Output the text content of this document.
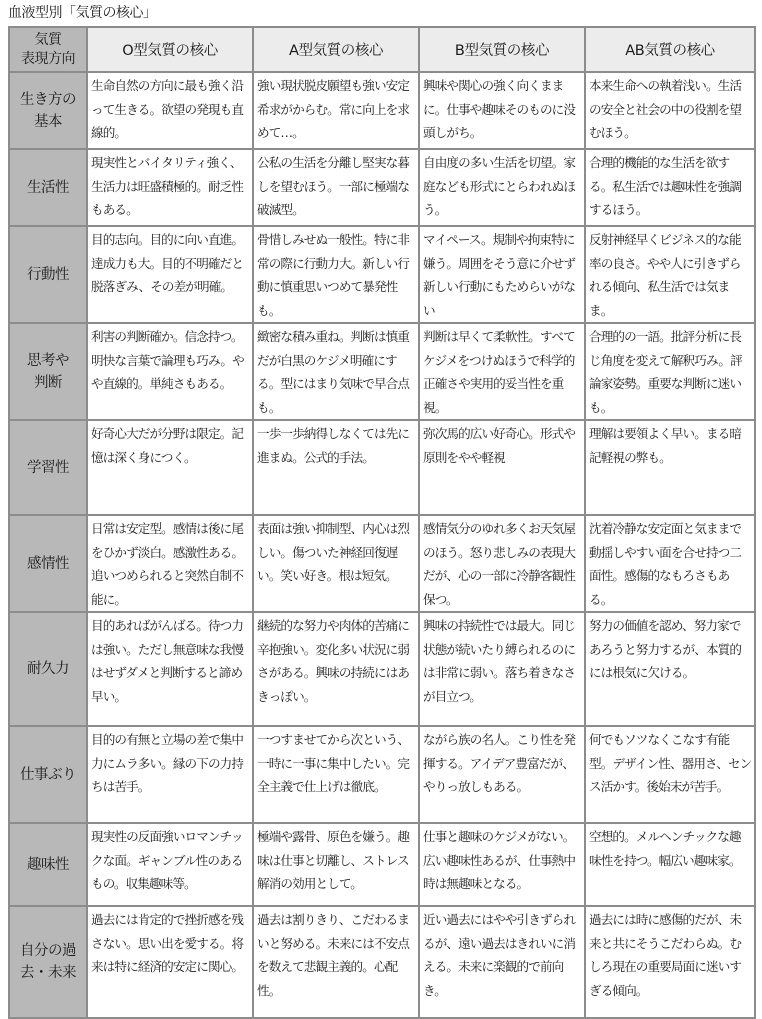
血液型別「気質の核心」
気質
表現方向	O型気質の核心	A型気質の核心	B型気質の核心	AB気質の核心

生き方の
基本	生命自然の方向に最も強く沿って生きる。欲望の発現も直線的。	強い現状脱皮願望も強い安定希求がからむ。常に向上を求めて…。	興味や関心の強く向くままに。仕事や趣味そのものに没頭しがち。	本来生命への執着浅い。生活の安全と社会の中の役割を望むほう。

生活性	現実性とバイタリティ強く、生活力は旺盛積極的。耐乏性もある。	公私の生活を分離し堅実な暮しを望むほう。一部に極端な破滅型。	自由度の多い生活を切望。家庭なども形式にとらわれぬほう。	合理的機能的な生活を欲する。私生活では趣味性を強調するほう。

行動性	目的志向。目的に向い直進。達成力も大。目的不明確だと脱落ぎみ、その差が明確。	骨惜しみせぬ一般性。特に非常の際に行動力大。新しい行動に慎重思いつめて暴発性も。	マイペース。規制や拘束特に嫌う。周囲をそう意に介せず新しい行動にもためらいがない	反射神経早くビジネス的な能率の良さ。やや人に引きずられる傾向、私生活では気まま。

思考や
判断	利害の判断確か。信念持つ。明快な言葉で論理も巧み。やや直線的。単純さもある。	緻密な積み重ね。判断は慎重だが白黒のケジメ明確にする。型にはまり気味で早合点も。	判断は早くて柔軟性。すべてケジメをつけぬほうで科学的正確さや実用的妥当性を重視。	合理的の一語。批評分析に長じ角度を変えて解釈巧み。評論家姿勢。重要な判断に迷いも。

学習性	好奇心大だが分野は限定。記憶は深く身につく。	一歩一歩納得しなくては先に進まぬ。公式的手法。	弥次馬的広い好奇心。形式や原則をやや軽視	理解は要領よく早い。まる暗記軽視の弊も。

感情性	日常は安定型。感情は後に尾をひかず淡白。感激性ある。追いつめられると突然自制不能に。	表面は強い抑制型、内心は烈しい。傷ついた神経回復遅い。笑い好き。根は短気。	感情気分のゆれ多くお天気屋のほう。怒り悲しみの表現大だが、心の一部に冷静客観性保つ。	沈着冷静な安定面と気ままで動揺しやすい面を合せ持つ二面性。感傷的なもろさもある。

耐久力	目的あればがんばる。待つ力は強い。ただし無意味な我慢はせずダメと判断すると諦め早い。	継続的な努力や肉体的苦痛に辛抱強い。変化多い状況に弱さがある。興味の持続にはあきっぽい。	興味の持続性では最大。同じ状態が続いたり縛られるのには非常に弱い。落ち着きなさが目立つ。	努力の価値を認め、努力家であろうと努力するが、本質的には根気に欠ける。

仕事ぶり	目的の有無と立場の差で集中力にムラ多い。縁の下の力持ちは苦手。	一つすませてから次という、一時に一事に集中したい。完全主義で仕上げは徹底。	ながら族の名人。こり性を発揮する。アイデア豊富だが、やりっ放しもある。	何でもソツなくこなす有能型。デザイン性、器用さ、センス活かす。後始末が苦手。

趣味性	現実性の反面強いロマンチックな面。ギャンブル性のあるもの。収集趣味等。	極端や露骨、原色を嫌う。趣味は仕事と切離し、ストレス解消の効用として。	仕事と趣味のケジメがない。広い趣味性あるが、仕事熱中時は無趣味となる。	空想的。メルヘンチックな趣味性を持つ。幅広い趣味家。

自分の過
去・未来	過去には肯定的で挫折感を残さない。思い出を愛する。将来は特に経済的安定に関心。	過去は割りきり、こだわるまいと努める。未来には不安点を数えて悲観主義的。心配性。	近い過去にはやや引きずられるが、遠い過去はきれいに消える。未来に楽観的で前向き。	過去には時に感傷的だが、未来と共にそうこだわらぬ。むしろ現在の重要局面に迷いすぎる傾向。
